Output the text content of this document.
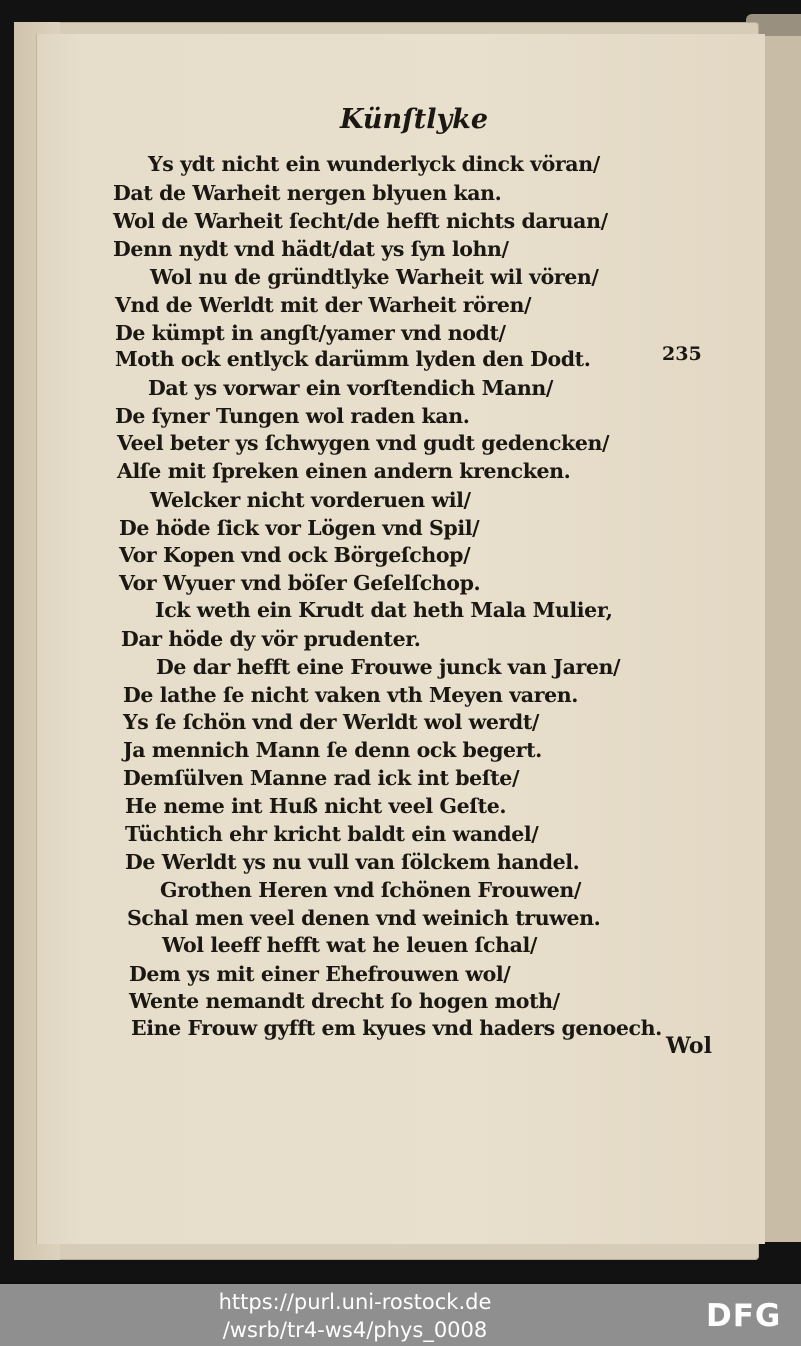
Künſtlyke
Ys ydt nicht ein wunderlyck dinck vöran/
Dat de Warheit nergen blyuen kan.
Wol de Warheit ſecht/de hefft nichts daruan/
Denn nydt vnd hädt/dat ys ſyn lohn/
Wol nu de gründtlyke Warheit wil vören/
Vnd de Werldt mit der Warheit rören/
De kümpt in angſt/yamer vnd nodt/
Moth ock entlyck darümm lyden den Dodt.	235
Dat ys vorwar ein vorſtendich Mann/
De ſyner Tungen wol raden kan.
Veel beter ys ſchwygen vnd gudt gedencken/
Alſe mit ſpreken einen andern krencken.
Welcker nicht vorderuen wil/
De höde ſick vor Lögen vnd Spil/
Vor Kopen vnd ock Börgeſchop/
Vor Wyuer vnd böſer Geſelſchop.
Ick weth ein Krudt dat heth Mala Mulier,
Dar höde dy vör prudenter.
De dar hefft eine Frouwe junck van Jaren/
De lathe ſe nicht vaken vth Meyen varen.
Ys ſe ſchön vnd der Werldt wol werdt/
Ja mennich Mann ſe denn ock begert.
Demſülven Manne rad ick int beſte/
He neme int Huß nicht veel Geſte.
Tüchtich ehr kricht baldt ein wandel/
De Werldt ys nu vull van ſölckem handel.
Grothen Heren vnd ſchönen Frouwen/
Schal men veel denen vnd weinich truwen.
Wol leeff hefft wat he leuen ſchal/
Dem ys mit einer Ehefrouwen wol/
Wente nemandt drecht ſo hogen moth/
Eine Frouw gyfft em kyues vnd haders genoech.
Wol
https://purl.uni-rostock.de
/wsrb/tr4-ws4/phys_0008	DFG
